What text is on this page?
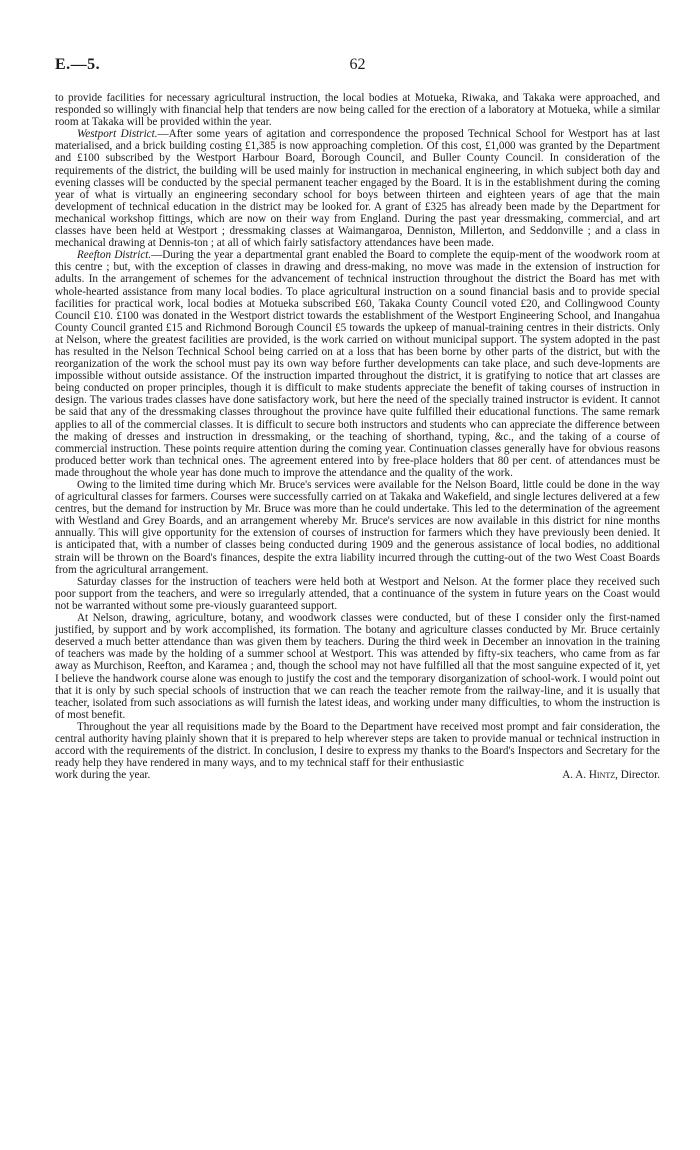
E.—5.	62

to provide facilities for necessary agricultural instruction, the local bodies at Motueka, Riwaka, and Takaka were approached, and responded so willingly with financial help that tenders are now being called for the erection of a laboratory at Motueka, while a similar room at Takaka will be provided within the year.

Westport District.—After some years of agitation and correspondence the proposed Technical School for Westport has at last materialised, and a brick building costing £1,385 is now approaching completion. Of this cost, £1,000 was granted by the Department and £100 subscribed by the Westport Harbour Board, Borough Council, and Buller County Council. In consideration of the requirements of the district, the building will be used mainly for instruction in mechanical engineering, in which subject both day and evening classes will be conducted by the special permanent teacher engaged by the Board. It is in the establishment during the coming year of what is virtually an engineering secondary school for boys between thirteen and eighteen years of age that the main development of technical education in the district may be looked for. A grant of £325 has already been made by the Department for mechanical workshop fittings, which are now on their way from England. During the past year dressmaking, commercial, and art classes have been held at Westport ; dressmaking classes at Waimangaroa, Denniston, Millerton, and Seddonville ; and a class in mechanical drawing at Dennis-ton ; at all of which fairly satisfactory attendances have been made.

Reefton District.—During the year a departmental grant enabled the Board to complete the equip-ment of the woodwork room at this centre ; but, with the exception of classes in drawing and dress-making, no move was made in the extension of instruction for adults. In the arrangement of schemes for the advancement of technical instruction throughout the district the Board has met with whole-hearted assistance from many local bodies. To place agricultural instruction on a sound financial basis and to provide special facilities for practical work, local bodies at Motueka subscribed £60, Takaka County Council voted £20, and Collingwood County Council £10. £100 was donated in the Westport district towards the establishment of the Westport Engineering School, and Inangahua County Council granted £15 and Richmond Borough Council £5 towards the upkeep of manual-training centres in their districts. Only at Nelson, where the greatest facilities are provided, is the work carried on without municipal support. The system adopted in the past has resulted in the Nelson Technical School being carried on at a loss that has been borne by other parts of the district, but with the reorganization of the work the school must pay its own way before further developments can take place, and such deve-lopments are impossible without outside assistance. Of the instruction imparted throughout the district, it is gratifying to notice that art classes are being conducted on proper principles, though it is difficult to make students appreciate the benefit of taking courses of instruction in design. The various trades classes have done satisfactory work, but here the need of the specially trained instructor is evident. It cannot be said that any of the dressmaking classes throughout the province have quite fulfilled their educational functions. The same remark applies to all of the commercial classes. It is difficult to secure both instructors and students who can appreciate the difference between the making of dresses and instruction in dressmaking, or the teaching of shorthand, typing, &c., and the taking of a course of commercial instruction. These points require attention during the coming year. Continuation classes generally have for obvious reasons produced better work than technical ones. The agreement entered into by free-place holders that 80 per cent. of attendances must be made throughout the whole year has done much to improve the attendance and the quality of the work.

Owing to the limited time during which Mr. Bruce's services were available for the Nelson Board, little could be done in the way of agricultural classes for farmers. Courses were successfully carried on at Takaka and Wakefield, and single lectures delivered at a few centres, but the demand for instruction by Mr. Bruce was more than he could undertake. This led to the determination of the agreement with Westland and Grey Boards, and an arrangement whereby Mr. Bruce's services are now available in this district for nine months annually. This will give opportunity for the extension of courses of instruction for farmers which they have previously been denied. It is anticipated that, with a number of classes being conducted during 1909 and the generous assistance of local bodies, no additional strain will be thrown on the Board's finances, despite the extra liability incurred through the cutting-out of the two West Coast Boards from the agricultural arrangement.

Saturday classes for the instruction of teachers were held both at Westport and Nelson. At the former place they received such poor support from the teachers, and were so irregularly attended, that a continuance of the system in future years on the Coast would not be warranted without some pre-viously guaranteed support.

At Nelson, drawing, agriculture, botany, and woodwork classes were conducted, but of these I consider only the first-named justified, by support and by work accomplished, its formation. The botany and agriculture classes conducted by Mr. Bruce certainly deserved a much better attendance than was given them by teachers. During the third week in December an innovation in the training of teachers was made by the holding of a summer school at Westport. This was attended by fifty-six teachers, who came from as far away as Murchison, Reefton, and Karamea ; and, though the school may not have fulfilled all that the most sanguine expected of it, yet I believe the handwork course alone was enough to justify the cost and the temporary disorganization of school-work. I would point out that it is only by such special schools of instruction that we can reach the teacher remote from the railway-line, and it is usually that teacher, isolated from such associations as will furnish the latest ideas, and working under many difficulties, to whom the instruction is of most benefit.

Throughout the year all requisitions made by the Board to the Department have received most prompt and fair consideration, the central authority having plainly shown that it is prepared to help wherever steps are taken to provide manual or technical instruction in accord with the requirements of the district. In conclusion, I desire to express my thanks to the Board's Inspectors and Secretary for the ready help they have rendered in many ways, and to my technical staff for their enthusiastic

work during the year.	A. A. Hintz, Director.
